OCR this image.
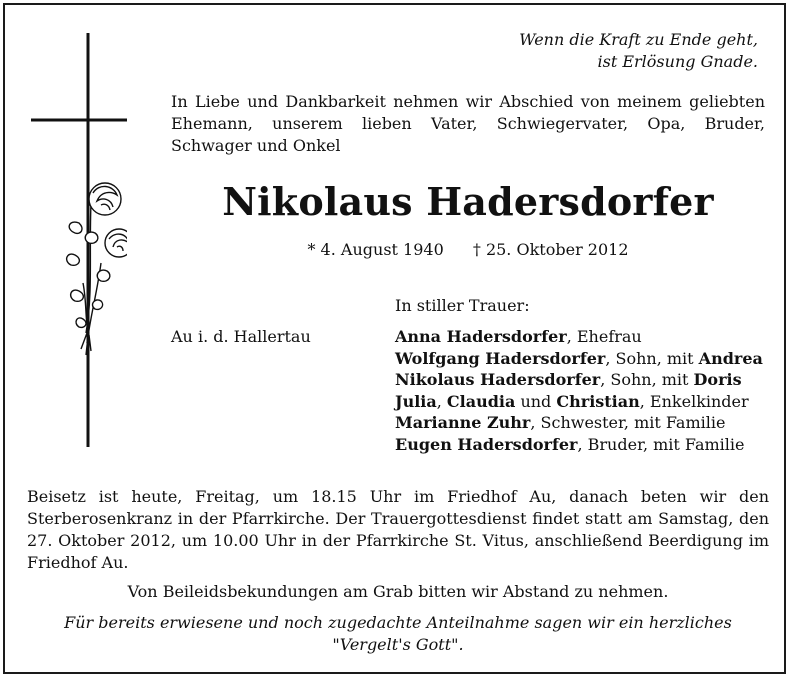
Wenn die Kraft zu Ende geht,
ist Erlösung Gnade.
In Liebe und Dankbarkeit nehmen wir Abschied von meinem geliebten Ehemann, unserem lieben Vater, Schwiegervater, Opa, Bruder, Schwager und Onkel
Nikolaus Hadersdorfer
* 4. August 1940 † 25. Oktober 2012
In stiller Trauer:
Au i. d. Hallertau	Anna Hadersdorfer, Ehefrau
Wolfgang Hadersdorfer, Sohn, mit Andrea
Nikolaus Hadersdorfer, Sohn, mit Doris
Julia, Claudia und Christian, Enkelkinder
Marianne Zuhr, Schwester, mit Familie
Eugen Hadersdorfer, Bruder, mit Familie
Beisetz ist heute, Freitag, um 18.15 Uhr im Friedhof Au, danach beten wir den Sterberosenkranz in der Pfarrkirche. Der Trauergottesdienst findet statt am Samstag, den 27. Oktober 2012, um 10.00 Uhr in der Pfarrkirche St. Vitus, anschließend Beerdigung im Friedhof Au.
Von Beileidsbekundungen am Grab bitten wir Abstand zu nehmen.
Für bereits erwiesene und noch zugedachte Anteilnahme sagen wir ein herzliches
"Vergelt's Gott".
